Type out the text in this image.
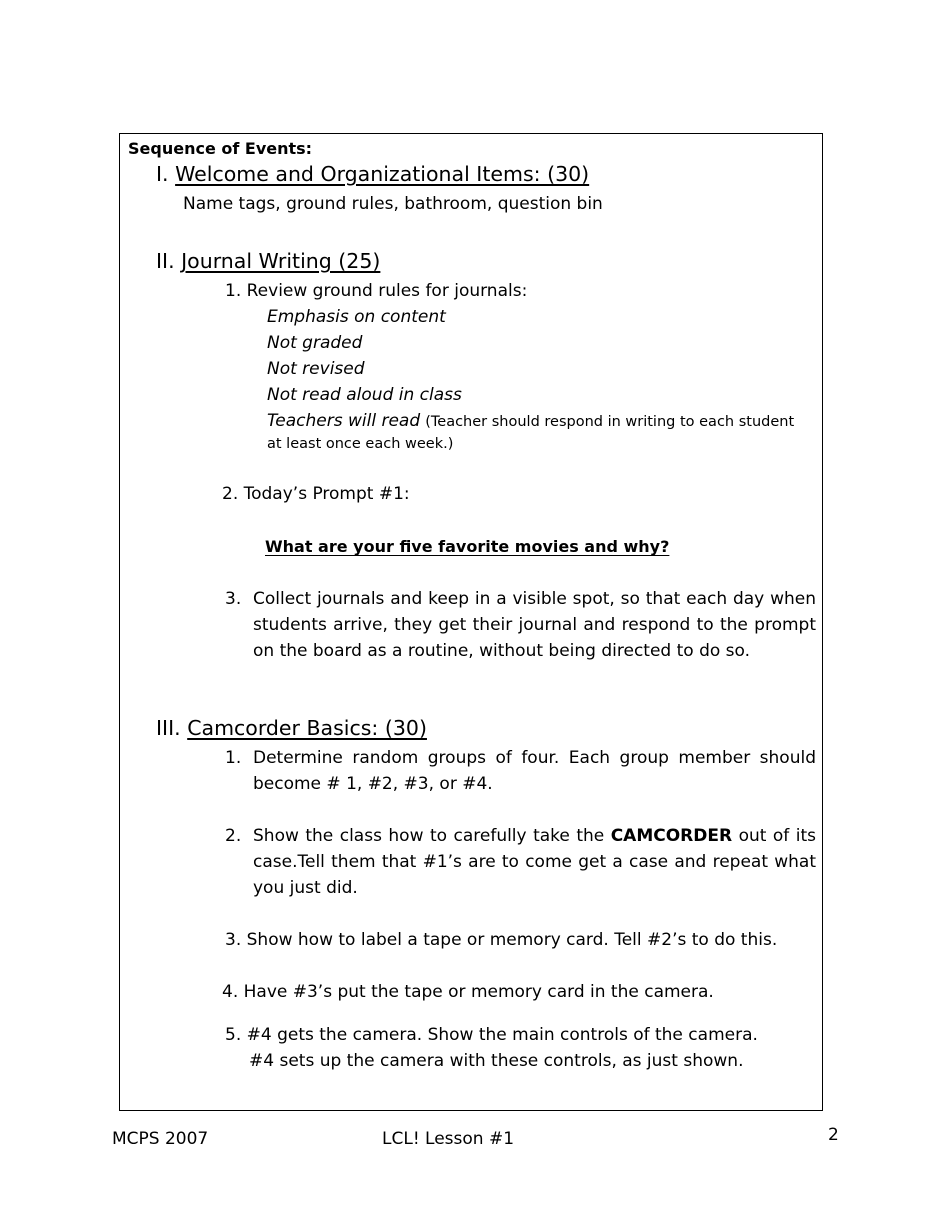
Sequence of Events:
I. Welcome and Organizational Items: (30)
Name tags, ground rules, bathroom, question bin
II. Journal Writing (25)
1. Review ground rules for journals:
Emphasis on content
Not graded
Not revised
Not read aloud in class
Teachers will read (Teacher should respond in writing to each student
at least once each week.)
2. Today’s Prompt #1:
What are your five favorite movies and why?
3. Collect journals and keep in a visible spot, so that each day when students arrive, they get their journal and respond to the prompt on the board as a routine, without being directed to do so.
III. Camcorder Basics: (30)
1. Determine random groups of four. Each group member should become # 1, #2, #3, or #4.
2. Show the class how to carefully take the CAMCORDER out of its case.Tell them that #1’s are to come get a case and repeat what you just did.
3. Show how to label a tape or memory card. Tell #2’s to do this.
4. Have #3’s put the tape or memory card in the camera.
5. #4 gets the camera. Show the main controls of the camera.
#4 sets up the camera with these controls, as just shown.
MCPS 2007	LCL! Lesson #1	2
